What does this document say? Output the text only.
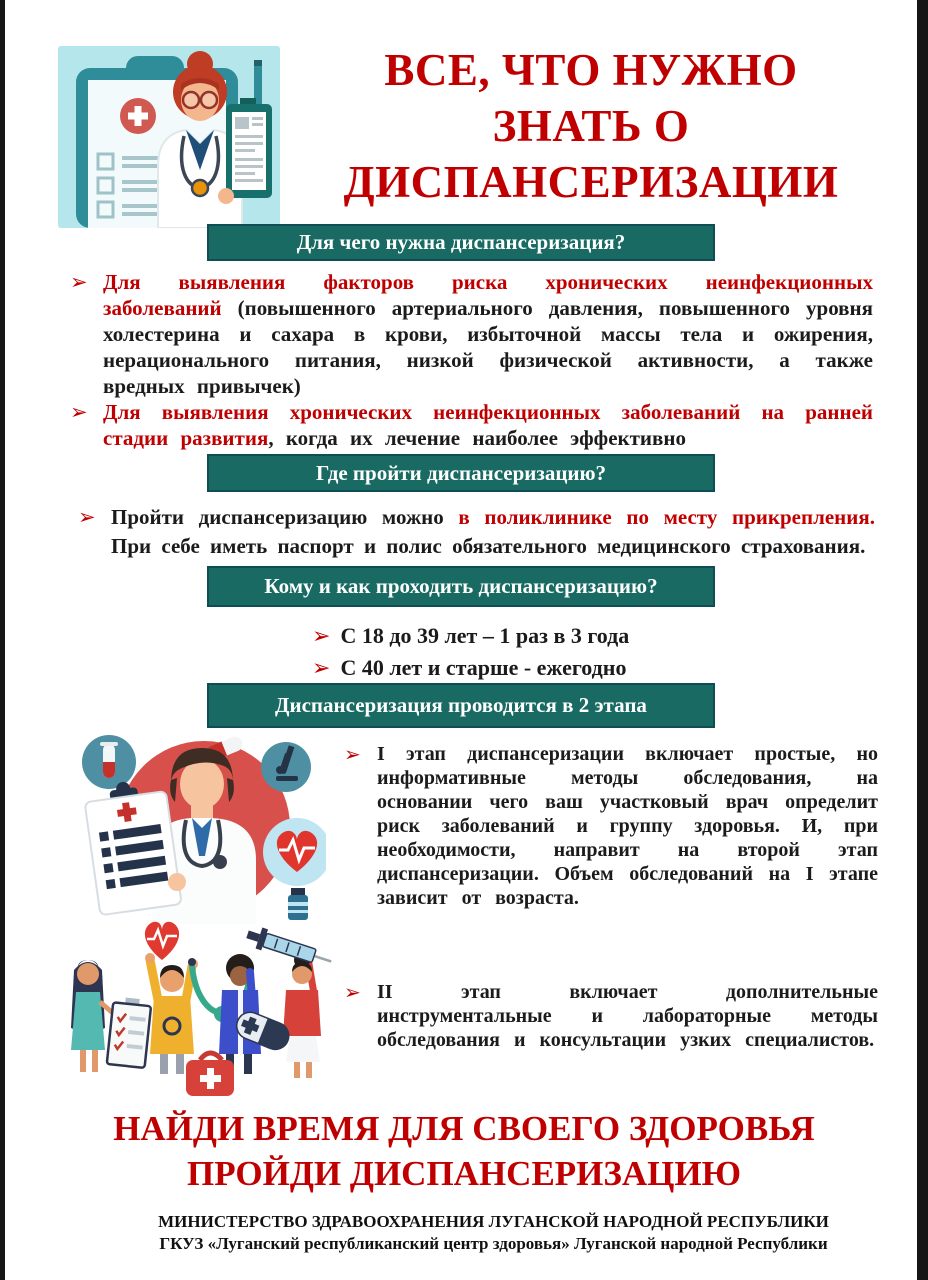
ВСЕ, ЧТО НУЖНО
ЗНАТЬ О
ДИСПАНСЕРИЗАЦИИ
Для чего нужна диспансеризация?
➢ Для выявления факторов риска хронических неинфекционных заболеваний (повышенного артериального давления, повышенного уровня холестерина и сахара в крови, избыточной массы тела и ожирения, нерационального питания, низкой физической активности, а также вредных привычек)
➢ Для выявления хронических неинфекционных заболеваний на ранней стадии развития, когда их лечение наиболее эффективно
Где пройти диспансеризацию?
➢ Пройти диспансеризацию можно в поликлинике по месту прикрепления. При себе иметь паспорт и полис обязательного медицинского страхования.
Кому и как проходить диспансеризацию?
➢ С 18 до 39 лет – 1 раз в 3 года
➢ С 40 лет и старше - ежегодно
Диспансеризация проводится в 2 этапа
➢ I этап диспансеризации включает простые, но информативные методы обследования, на основании чего ваш участковый врач определит риск заболеваний и группу здоровья. И, при необходимости, направит на второй этап диспансеризации. Объем обследований на I этапе зависит от возраста.
➢ II этап включает дополнительные инструментальные и лабораторные методы обследования и консультации узких специалистов.
НАЙДИ ВРЕМЯ ДЛЯ СВОЕГО ЗДОРОВЬЯ
ПРОЙДИ ДИСПАНСЕРИЗАЦИЮ
МИНИСТЕРСТВО ЗДРАВООХРАНЕНИЯ ЛУГАНСКОЙ НАРОДНОЙ РЕСПУБЛИКИ
ГКУЗ «Луганский республиканский центр здоровья» Луганской народной Республики
